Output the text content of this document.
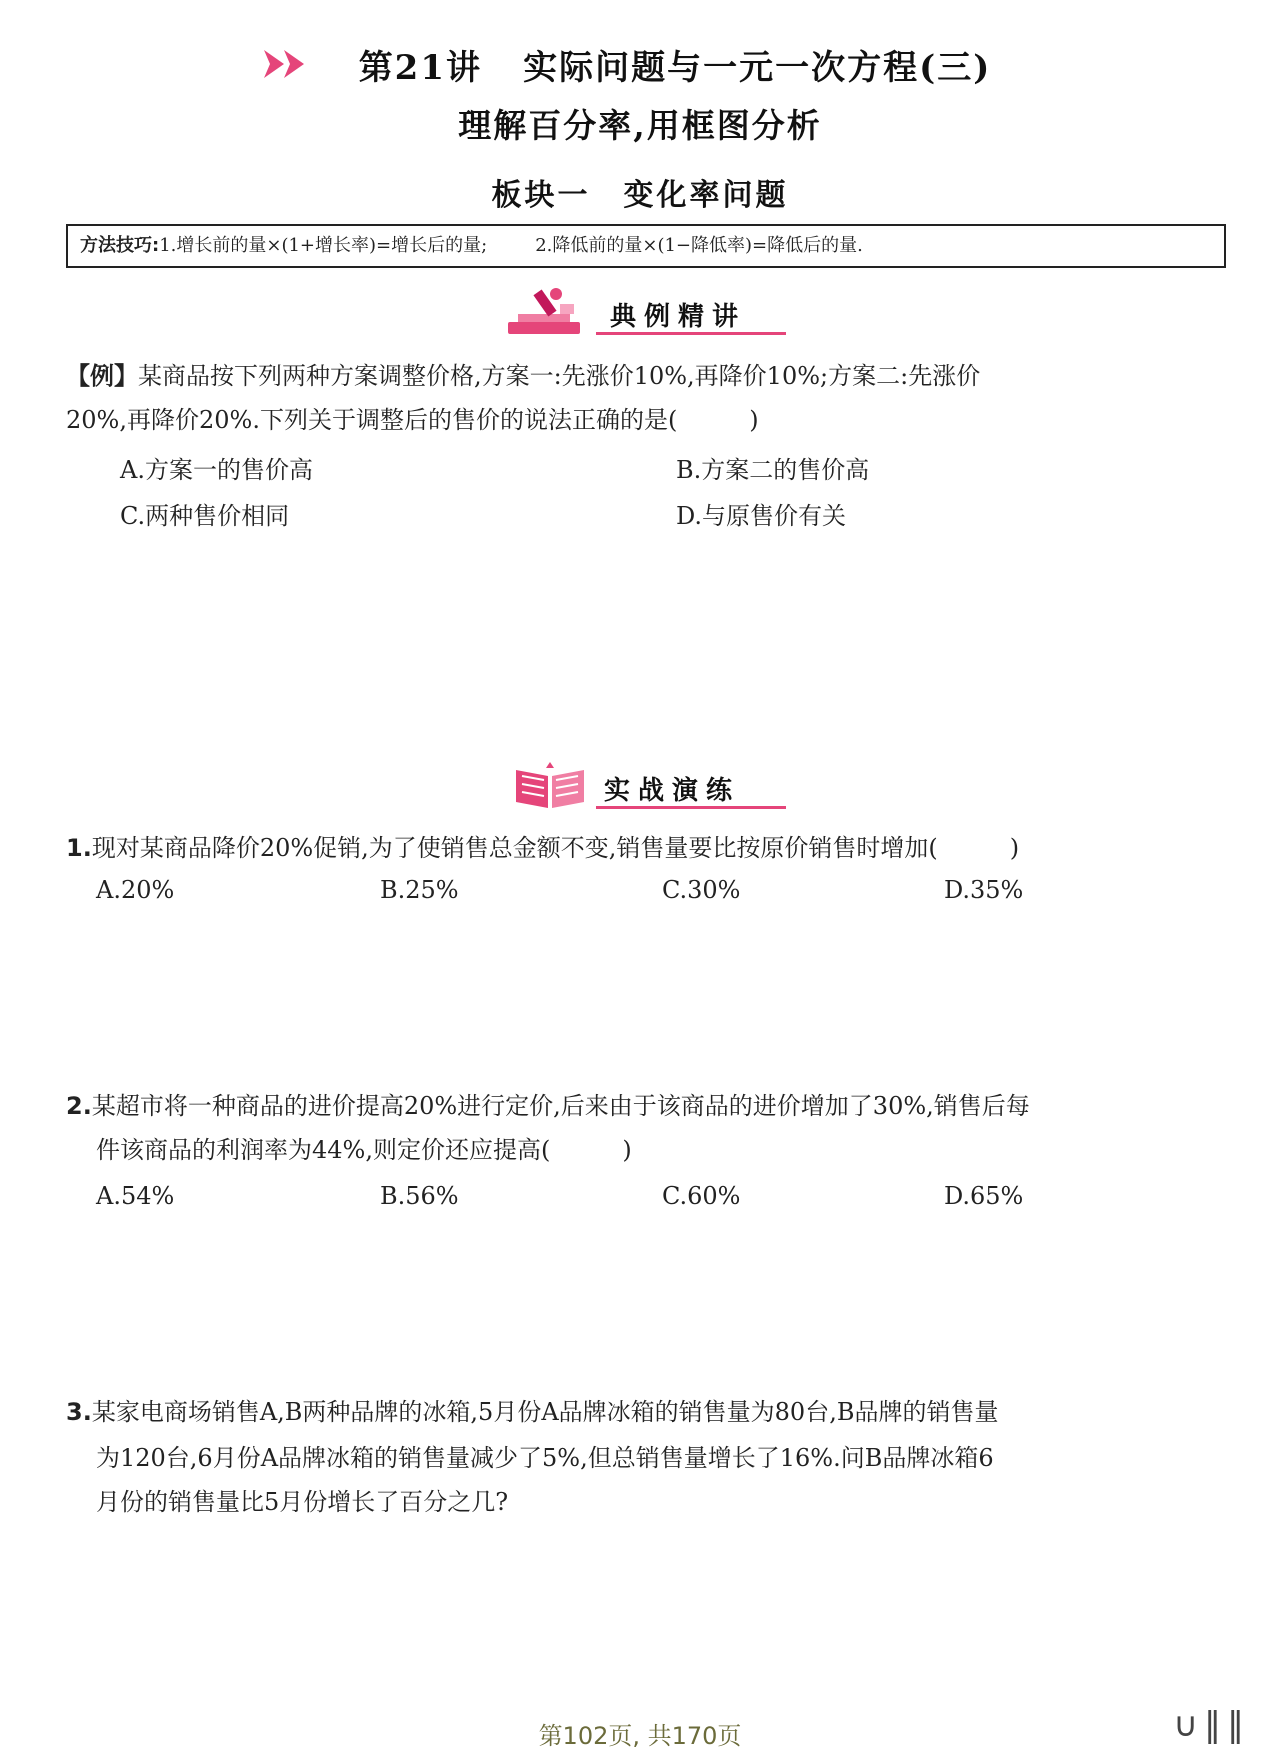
第21讲 实际问题与一元一次方程(三)
理解百分率,用框图分析
板块一　变化率问题
方法技巧:1.增长前的量×(1+增长率)=增长后的量;	2.降低前的量×(1−降低率)=降低后的量.
典例精讲
【例】某商品按下列两种方案调整价格,方案一:先涨价10%,再降价10%;方案二:先涨价
20%,再降价20%.下列关于调整后的售价的说法正确的是(　　　)
A.方案一的售价高	B.方案二的售价高
C.两种售价相同	D.与原售价有关
实战演练
1.现对某商品降价20%促销,为了使销售总金额不变,销售量要比按原价销售时增加(　　　)
A.20%	B.25%	C.30%	D.35%
2.某超市将一种商品的进价提高20%进行定价,后来由于该商品的进价增加了30%,销售后每
件该商品的利润率为44%,则定价还应提高(　　　)
A.54%	B.56%	C.60%	D.65%
3.某家电商场销售A,B两种品牌的冰箱,5月份A品牌冰箱的销售量为80台,B品牌的销售量
为120台,6月份A品牌冰箱的销售量减少了5%,但总销售量增长了16%.问B品牌冰箱6
月份的销售量比5月份增长了百分之几?
第102页, 共170页	∪‖‖
